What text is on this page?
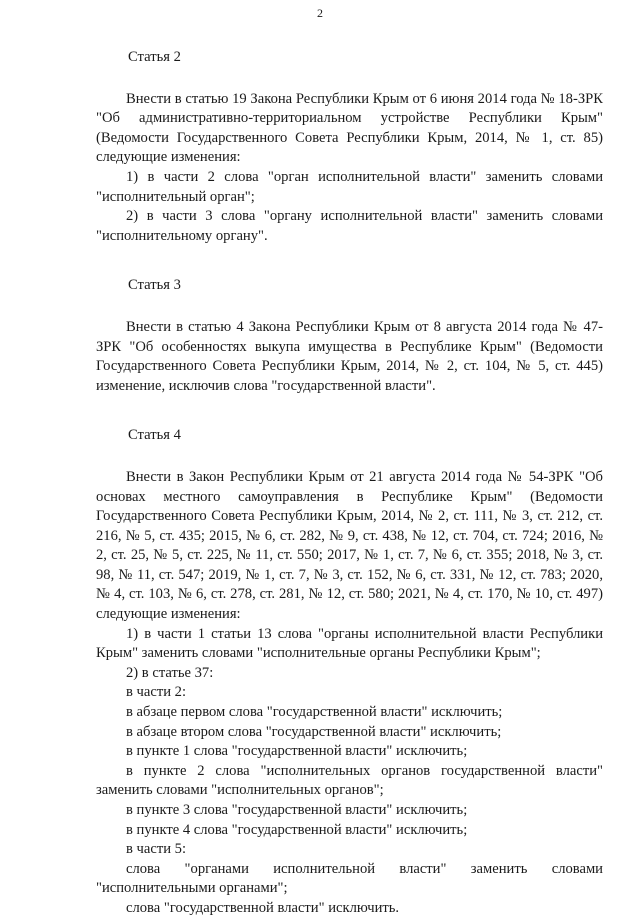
2

Статья 2

Внести в статью 19 Закона Республики Крым от 6 июня 2014 года № 18-ЗРК "Об административно-территориальном устройстве Республики Крым" (Ведомости Государственного Совета Республики Крым, 2014, № 1, ст. 85) следующие изменения:

1) в части 2 слова "орган исполнительной власти" заменить словами "исполнительный орган";

2) в части 3 слова "органу исполнительной власти" заменить словами "исполнительному органу".

Статья 3

Внести в статью 4 Закона Республики Крым от 8 августа 2014 года № 47-ЗРК "Об особенностях выкупа имущества в Республике Крым" (Ведомости Государственного Совета Республики Крым, 2014, № 2, ст. 104, № 5, ст. 445) изменение, исключив слова "государственной власти".

Статья 4

Внести в Закон Республики Крым от 21 августа 2014 года № 54-ЗРК "Об основах местного самоуправления в Республике Крым" (Ведомости Государственного Совета Республики Крым, 2014, № 2, ст. 111, № 3, ст. 212, ст. 216, № 5, ст. 435; 2015, № 6, ст. 282, № 9, ст. 438, № 12, ст. 704, ст. 724; 2016, № 2, ст. 25, № 5, ст. 225, № 11, ст. 550; 2017, № 1, ст. 7, № 6, ст. 355; 2018, № 3, ст. 98, № 11, ст. 547; 2019, № 1, ст. 7, № 3, ст. 152, № 6, ст. 331, № 12, ст. 783; 2020, № 4, ст. 103, № 6, ст. 278, ст. 281, № 12, ст. 580; 2021, № 4, ст. 170, № 10, ст. 497) следующие изменения:

1) в части 1 статьи 13 слова "органы исполнительной власти Республики Крым" заменить словами "исполнительные органы Республики Крым";

2) в статье 37:

в части 2:

в абзаце первом слова "государственной власти" исключить;

в абзаце втором слова "государственной власти" исключить;

в пункте 1 слова "государственной власти" исключить;

в пункте 2 слова "исполнительных органов государственной власти" заменить словами "исполнительных органов";

в пункте 3 слова "государственной власти" исключить;

в пункте 4 слова "государственной власти" исключить;

в части 5:

слова "органами исполнительной власти" заменить словами "исполнительными органами";

слова "государственной власти" исключить.
